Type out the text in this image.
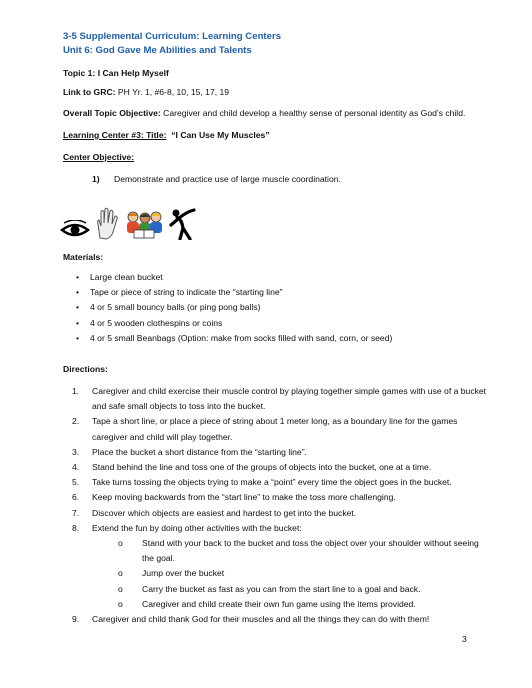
3-5 Supplemental Curriculum: Learning Centers
Unit 6: God Gave Me Abilities and Talents
Topic 1: I Can Help Myself
Link to GRC: PH Yr. 1, #6-8, 10, 15, 17, 19
Overall Topic Objective: Caregiver and child develop a healthy sense of personal identity as God’s child.
Learning Center #3: Title: “I Can Use My Muscles”
Center Objective:
1) Demonstrate and practice use of large muscle coordination.
Materials:
• Large clean bucket
• Tape or piece of string to indicate the “starting line”
• 4 or 5 small bouncy balls (or ping pong balls)
• 4 or 5 wooden clothespins or coins
• 4 or 5 small Beanbags (Option: make from socks filled with sand, corn, or seed)
Directions:
1. Caregiver and child exercise their muscle control by playing together simple games with use of a bucket and safe small objects to toss into the bucket.
2. Tape a short line, or place a piece of string about 1 meter long, as a boundary line for the games caregiver and child will play together.
3. Place the bucket a short distance from the “starting line”.
4. Stand behind the line and toss one of the groups of objects into the bucket, one at a time.
5. Take turns tossing the objects trying to make a “point” every time the object goes in the bucket.
6. Keep moving backwards from the “start line” to make the toss more challenging.
7. Discover which objects are easiest and hardest to get into the bucket.
8. Extend the fun by doing other activities with the bucket:
o Stand with your back to the bucket and toss the object over your shoulder without seeing the goal.
o Jump over the bucket
o Carry the bucket as fast as you can from the start line to a goal and back.
o Caregiver and child create their own fun game using the items provided.
9. Caregiver and child thank God for their muscles and all the things they can do with them!
3
